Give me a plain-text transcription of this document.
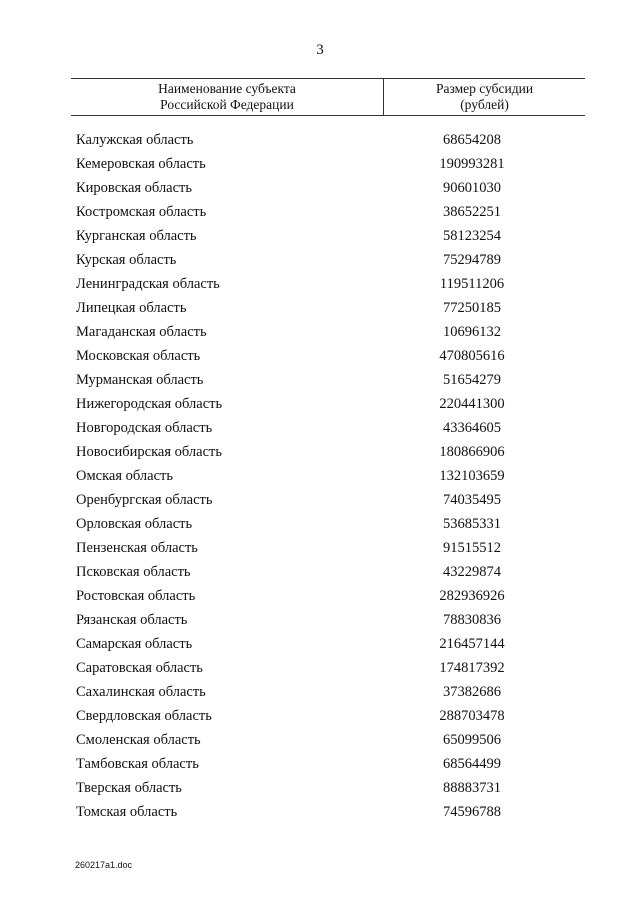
3
Наименование субъекта
Российской Федерации
Размер субсидии
(рублей)
Калужская область	68654208
Кемеровская область	190993281
Кировская область	90601030
Костромская область	38652251
Курганская область	58123254
Курская область	75294789
Ленинградская область	119511206
Липецкая область	77250185
Магаданская область	10696132
Московская область	470805616
Мурманская область	51654279
Нижегородская область	220441300
Новгородская область	43364605
Новосибирская область	180866906
Омская область	132103659
Оренбургская область	74035495
Орловская область	53685331
Пензенская область	91515512
Псковская область	43229874
Ростовская область	282936926
Рязанская область	78830836
Самарская область	216457144
Саратовская область	174817392
Сахалинская область	37382686
Свердловская область	288703478
Смоленская область	65099506
Тамбовская область	68564499
Тверская область	88883731
Томская область	74596788
260217a1.doc
